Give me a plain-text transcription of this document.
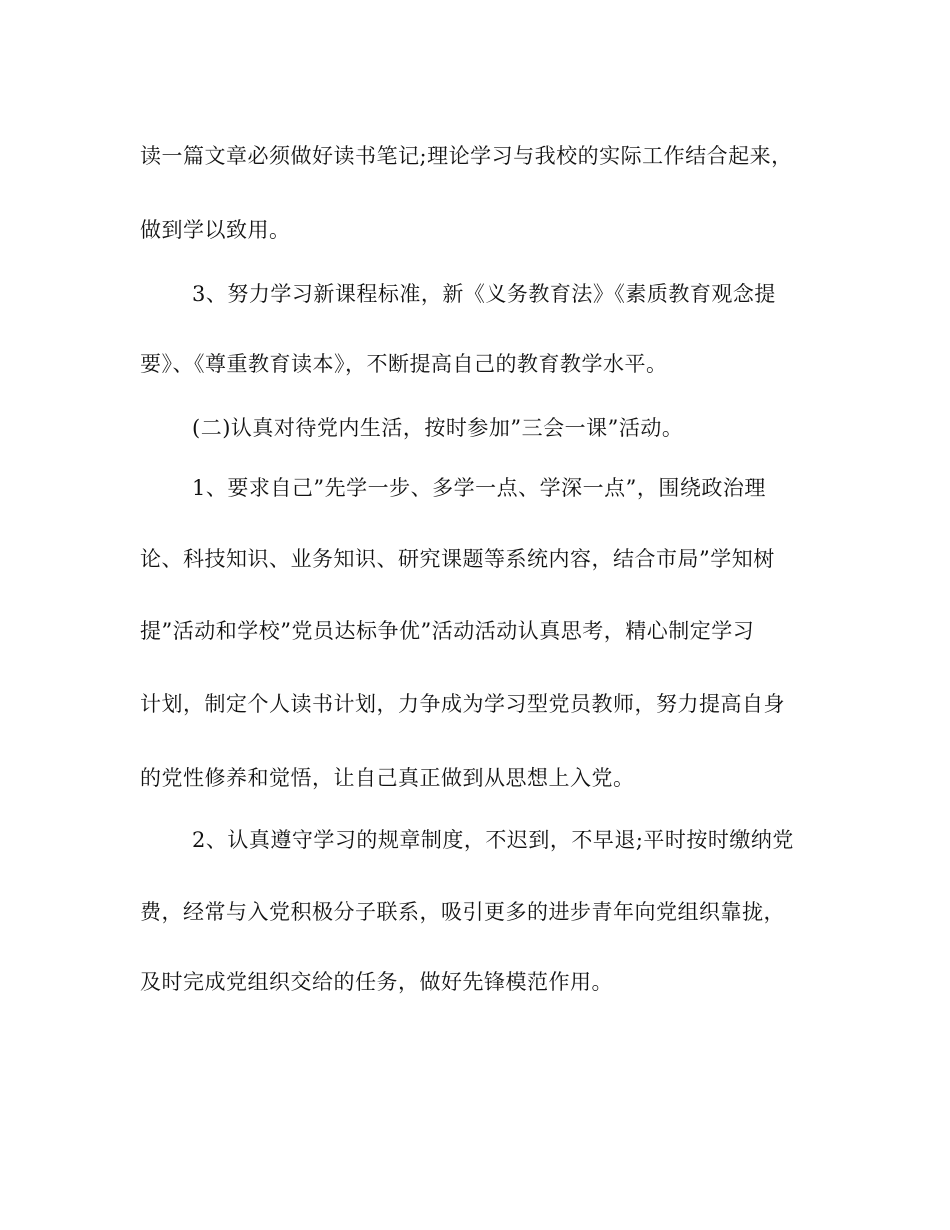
读一篇文章必须做好读书笔记;理论学习与我校的实际工作结合起来，
做到学以致用。
3、努力学习新课程标准，新《义务教育法》《素质教育观念提
要》、《尊重教育读本》，不断提高自己的教育教学水平。
(二)认真对待党内生活，按时参加”三会一课”活动。
1、要求自己”先学一步、多学一点、学深一点”，围绕政治理
论、科技知识、业务知识、研究课题等系统内容，结合市局”学知树
提”活动和学校”党员达标争优”活动活动认真思考，精心制定学习
计划，制定个人读书计划，力争成为学习型党员教师，努力提高自身
的党性修养和觉悟，让自己真正做到从思想上入党。
2、认真遵守学习的规章制度，不迟到，不早退;平时按时缴纳党
费，经常与入党积极分子联系，吸引更多的进步青年向党组织靠拢，
及时完成党组织交给的任务，做好先锋模范作用。
